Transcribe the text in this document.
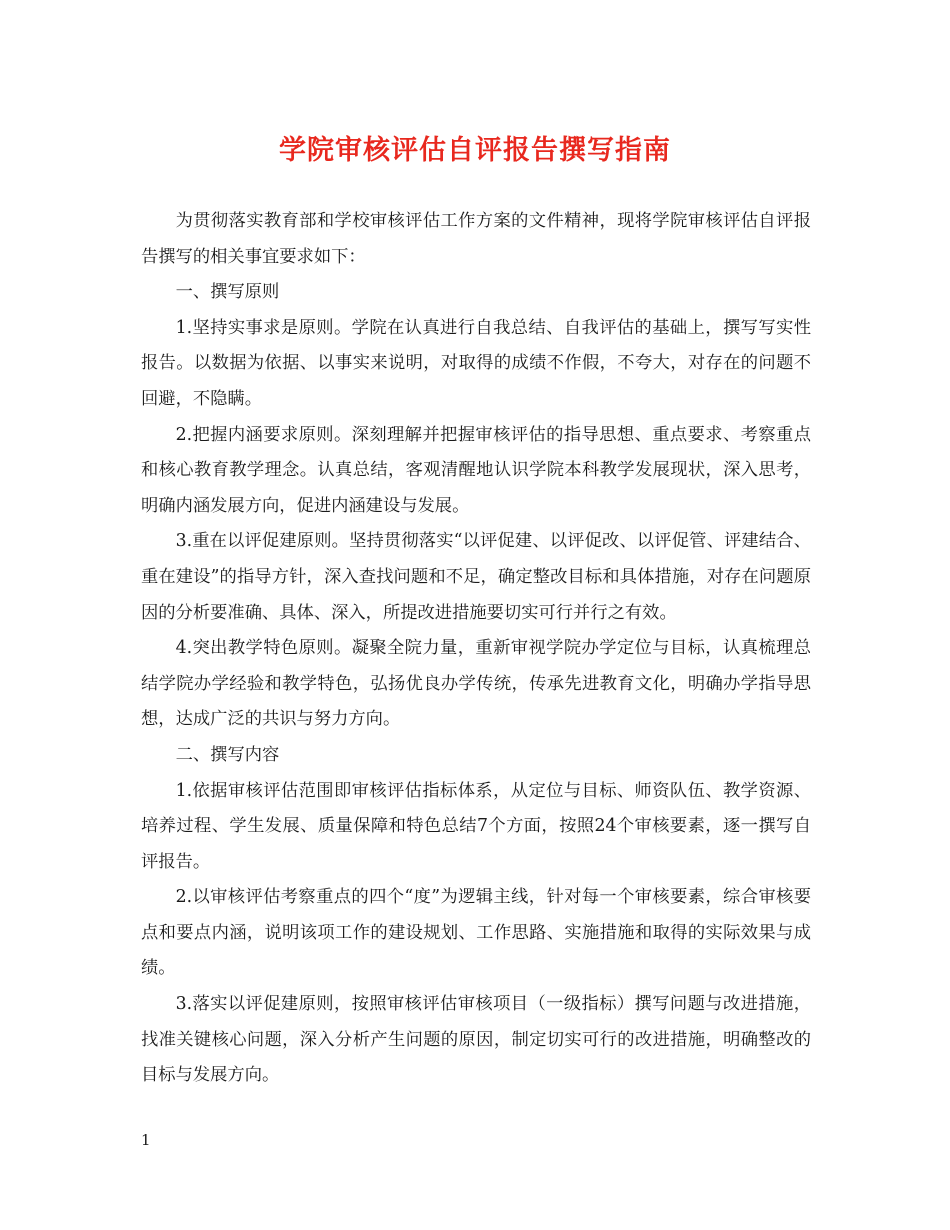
学院审核评估自评报告撰写指南

为贯彻落实教育部和学校审核评估工作方案的文件精神，现将学院审核评估自评报告撰写的相关事宜要求如下：

一、撰写原则

1.坚持实事求是原则。学院在认真进行自我总结、自我评估的基础上，撰写写实性报告。以数据为依据、以事实来说明，对取得的成绩不作假，不夸大，对存在的问题不回避，不隐瞒。

2.把握内涵要求原则。深刻理解并把握审核评估的指导思想、重点要求、考察重点和核心教育教学理念。认真总结，客观清醒地认识学院本科教学发展现状，深入思考，明确内涵发展方向，促进内涵建设与发展。

3.重在以评促建原则。坚持贯彻落实“以评促建、以评促改、以评促管、评建结合、重在建设”的指导方针，深入查找问题和不足，确定整改目标和具体措施，对存在问题原因的分析要准确、具体、深入，所提改进措施要切实可行并行之有效。

4.突出教学特色原则。凝聚全院力量，重新审视学院办学定位与目标，认真梳理总结学院办学经验和教学特色，弘扬优良办学传统，传承先进教育文化，明确办学指导思想，达成广泛的共识与努力方向。

二、撰写内容

1.依据审核评估范围即审核评估指标体系，从定位与目标、师资队伍、教学资源、培养过程、学生发展、质量保障和特色总结7个方面，按照24个审核要素，逐一撰写自评报告。

2.以审核评估考察重点的四个“度”为逻辑主线，针对每一个审核要素，综合审核要点和要点内涵，说明该项工作的建设规划、工作思路、实施措施和取得的实际效果与成绩。

3.落实以评促建原则，按照审核评估审核项目（一级指标）撰写问题与改进措施，找准关键核心问题，深入分析产生问题的原因，制定切实可行的改进措施，明确整改的目标与发展方向。

1
